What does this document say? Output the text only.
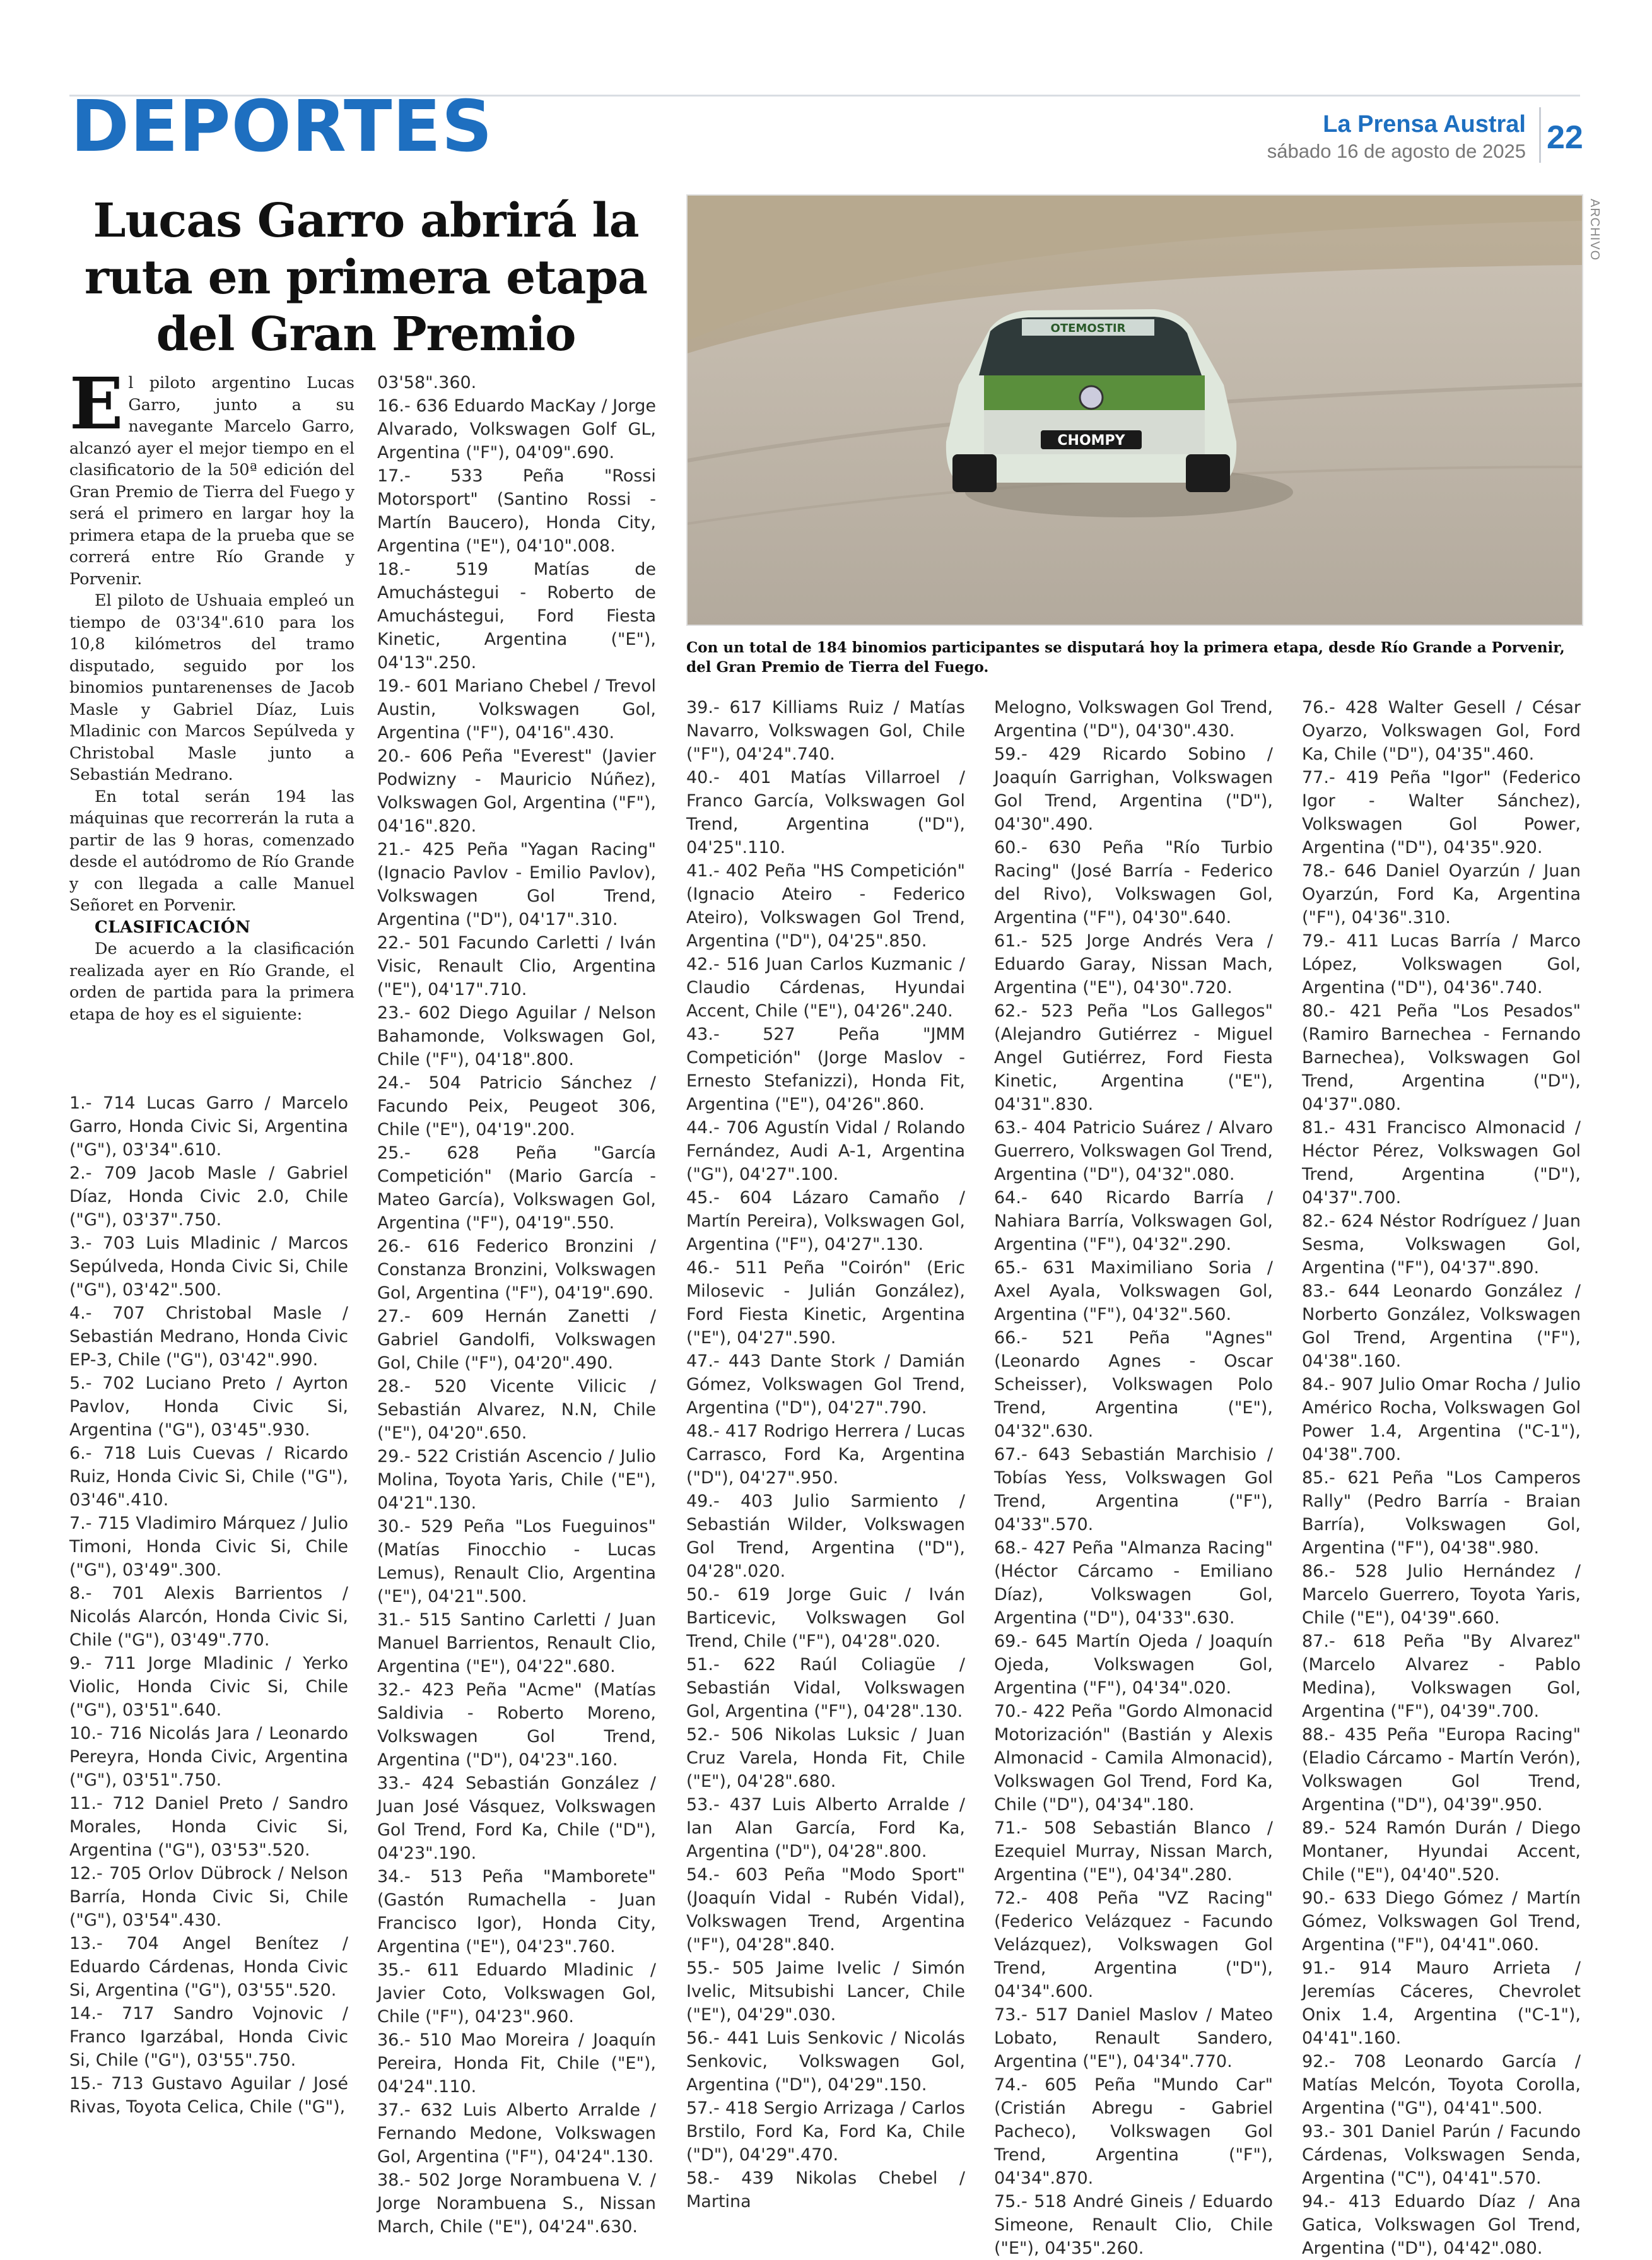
DEPORTES	La Prensa Austral
sábado 16 de agosto de 2025 22
Lucas Garro abrirá la ruta en primera etapa del Gran Premio
CHOMPY
OTEMOSTIR
ARCHIVO
Con un total de 184 binomios participantes se disputará hoy la primera etapa, desde Río Grande a Porvenir, del Gran Premio de Tierra del Fuego.

El piloto argentino Lucas Garro, junto a su navegante Marcelo Garro, alcanzó ayer el mejor tiempo en el clasificatorio de la 50ª edición del Gran Premio de Tierra del Fuego y será el primero en largar hoy la primera etapa de la prueba que se correrá entre Río Grande y Porvenir.

El piloto de Ushuaia empleó un tiempo de 03'34".610 para los 10,8 kilómetros del tramo disputado, seguido por los binomios puntarenenses de Jacob Masle y Gabriel Díaz, Luis Mladinic con Marcos Sepúlveda y Christobal Masle junto a Sebastián Medrano.

En total serán 194 las máquinas que recorrerán la ruta a partir de las 9 horas, comenzado desde el autódromo de Río Grande y con llegada a calle Manuel Señoret en Porvenir.

CLASIFICACIÓN

De acuerdo a la clasificación realizada ayer en Río Grande, el orden de partida para la primera etapa de hoy es el siguiente:

1.- 714 Lucas Garro / Marcelo Garro, Honda Civic Si, Argentina ("G"), 03'34".610.

2.- 709 Jacob Masle / Gabriel Díaz, Honda Civic 2.0, Chile ("G"), 03'37".750.

3.- 703 Luis Mladinic / Marcos Sepúlveda, Honda Civic Si, Chile ("G"), 03'42".500.

4.- 707 Christobal Masle / Sebastián Medrano, Honda Civic EP-3, Chile ("G"), 03'42".990.

5.- 702 Luciano Preto / Ayrton Pavlov, Honda Civic Si, Argentina ("G"), 03'45".930.

6.- 718 Luis Cuevas / Ricardo Ruiz, Honda Civic Si, Chile ("G"), 03'46".410.

7.- 715 Vladimiro Márquez / Julio Timoni, Honda Civic Si, Chile ("G"), 03'49".300.

8.- 701 Alexis Barrientos / Nicolás Alarcón, Honda Civic Si, Chile ("G"), 03'49".770.

9.- 711 Jorge Mladinic / Yerko Violic, Honda Civic Si, Chile ("G"), 03'51".640.

10.- 716 Nicolás Jara / Leonardo Pereyra, Honda Civic, Argentina ("G"), 03'51".750.

11.- 712 Daniel Preto / Sandro Morales, Honda Civic Si, Argentina ("G"), 03'53".520.

12.- 705 Orlov Dübrock / Nelson Barría, Honda Civic Si, Chile ("G"), 03'54".430.

13.- 704 Angel Benítez / Eduardo Cárdenas, Honda Civic Si, Argentina ("G"), 03'55".520.

14.- 717 Sandro Vojnovic / Franco Igarzábal, Honda Civic Si, Chile ("G"), 03'55".750.

15.- 713 Gustavo Aguilar / José Rivas, Toyota Celica, Chile ("G"),

03'58".360.

16.- 636 Eduardo MacKay / Jorge Alvarado, Volkswagen Golf GL, Argentina ("F"), 04'09".690.

17.- 533 Peña "Rossi Motorsport" (Santino Rossi - Martín Baucero), Honda City, Argentina ("E"), 04'10".008.

18.- 519 Matías de Amuchástegui - Roberto de Amuchástegui, Ford Fiesta Kinetic, Argentina ("E"), 04'13".250.

19.- 601 Mariano Chebel / Trevol Austin, Volkswagen Gol, Argentina ("F"), 04'16".430.

20.- 606 Peña "Everest" (Javier Podwizny - Mauricio Núñez), Volkswagen Gol, Argentina ("F"), 04'16".820.

21.- 425 Peña "Yagan Racing" (Ignacio Pavlov - Emilio Pavlov), Volkswagen Gol Trend, Argentina ("D"), 04'17".310.

22.- 501 Facundo Carletti / Iván Visic, Renault Clio, Argentina ("E"), 04'17".710.

23.- 602 Diego Aguilar / Nelson Bahamonde, Volkswagen Gol, Chile ("F"), 04'18".800.

24.- 504 Patricio Sánchez / Facundo Peix, Peugeot 306, Chile ("E"), 04'19".200.

25.- 628 Peña "García Competición" (Mario García - Mateo García), Volkswagen Gol, Argentina ("F"), 04'19".550.

26.- 616 Federico Bronzini / Constanza Bronzini, Volkswagen Gol, Argentina ("F"), 04'19".690.

27.- 609 Hernán Zanetti / Gabriel Gandolfi, Volkswagen Gol, Chile ("F"), 04'20".490.

28.- 520 Vicente Vilicic / Sebastián Alvarez, N.N, Chile ("E"), 04'20".650.

29.- 522 Cristián Ascencio / Julio Molina, Toyota Yaris, Chile ("E"), 04'21".130.

30.- 529 Peña "Los Fueguinos" (Matías Finocchio - Lucas Lemus), Renault Clio, Argentina ("E"), 04'21".500.

31.- 515 Santino Carletti / Juan Manuel Barrientos, Renault Clio, Argentina ("E"), 04'22".680.

32.- 423 Peña "Acme" (Matías Saldivia - Roberto Moreno, Volkswagen Gol Trend, Argentina ("D"), 04'23".160.

33.- 424 Sebastián González / Juan José Vásquez, Volkswagen Gol Trend, Ford Ka, Chile ("D"), 04'23".190.

34.- 513 Peña "Mamborete" (Gastón Rumachella - Juan Francisco Igor), Honda City, Argentina ("E"), 04'23".760.

35.- 611 Eduardo Mladinic / Javier Coto, Volkswagen Gol, Chile ("F"), 04'23".960.

36.- 510 Mao Moreira / Joaquín Pereira, Honda Fit, Chile ("E"), 04'24".110.

37.- 632 Luis Alberto Arralde / Fernando Medone, Volkswagen Gol, Argentina ("F"), 04'24".130.

38.- 502 Jorge Norambuena V. / Jorge Norambuena S., Nissan March, Chile ("E"), 04'24".630.

39.- 617 Killiams Ruiz / Matías Navarro, Volkswagen Gol, Chile ("F"), 04'24".740.

40.- 401 Matías Villarroel / Franco García, Volkswagen Gol Trend, Argentina ("D"), 04'25".110.

41.- 402 Peña "HS Competición" (Ignacio Ateiro - Federico Ateiro), Volkswagen Gol Trend, Argentina ("D"), 04'25".850.

42.- 516 Juan Carlos Kuzmanic / Claudio Cárdenas, Hyundai Accent, Chile ("E"), 04'26".240.

43.- 527 Peña "JMM Competición" (Jorge Maslov - Ernesto Stefanizzi), Honda Fit, Argentina ("E"), 04'26".860.

44.- 706 Agustín Vidal / Rolando Fernández, Audi A-1, Argentina ("G"), 04'27".100.

45.- 604 Lázaro Camaño / Martín Pereira), Volkswagen Gol, Argentina ("F"), 04'27".130.

46.- 511 Peña "Coirón" (Eric Milosevic - Julián González), Ford Fiesta Kinetic, Argentina ("E"), 04'27".590.

47.- 443 Dante Stork / Damián Gómez, Volkswagen Gol Trend, Argentina ("D"), 04'27".790.

48.- 417 Rodrigo Herrera / Lucas Carrasco, Ford Ka, Argentina ("D"), 04'27".950.

49.- 403 Julio Sarmiento / Sebastián Wilder, Volkswagen Gol Trend, Argentina ("D"), 04'28".020.

50.- 619 Jorge Guic / Iván Barticevic, Volkswagen Gol Trend, Chile ("F"), 04'28".020.

51.- 622 Raúl Coliagüe / Sebastián Vidal, Volkswagen Gol, Argentina ("F"), 04'28".130.

52.- 506 Nikolas Luksic / Juan Cruz Varela, Honda Fit, Chile ("E"), 04'28".680.

53.- 437 Luis Alberto Arralde / Ian Alan García, Ford Ka, Argentina ("D"), 04'28".800.

54.- 603 Peña "Modo Sport" (Joaquín Vidal - Rubén Vidal), Volkswagen Trend, Argentina ("F"), 04'28".840.

55.- 505 Jaime Ivelic / Simón Ivelic, Mitsubishi Lancer, Chile ("E"), 04'29".030.

56.- 441 Luis Senkovic / Nicolás Senkovic, Volkswagen Gol, Argentina ("D"), 04'29".150.

57.- 418 Sergio Arrizaga / Carlos Brstilo, Ford Ka, Ford Ka, Chile ("D"), 04'29".470.

58.- 439 Nikolas Chebel / Martina

Melogno, Volkswagen Gol Trend, Argentina ("D"), 04'30".430.

59.- 429 Ricardo Sobino / Joaquín Garrighan, Volkswagen Gol Trend, Argentina ("D"), 04'30".490.

60.- 630 Peña "Río Turbio Racing" (José Barría - Federico del Rivo), Volkswagen Gol, Argentina ("F"), 04'30".640.

61.- 525 Jorge Andrés Vera / Eduardo Garay, Nissan Mach, Argentina ("E"), 04'30".720.

62.- 523 Peña "Los Gallegos" (Alejandro Gutiérrez - Miguel Angel Gutiérrez, Ford Fiesta Kinetic, Argentina ("E"), 04'31".830.

63.- 404 Patricio Suárez / Alvaro Guerrero, Volkswagen Gol Trend, Argentina ("D"), 04'32".080.

64.- 640 Ricardo Barría / Nahiara Barría, Volkswagen Gol, Argentina ("F"), 04'32".290.

65.- 631 Maximiliano Soria / Axel Ayala, Volkswagen Gol, Argentina ("F"), 04'32".560.

66.- 521 Peña "Agnes" (Leonardo Agnes - Oscar Scheisser), Volkswagen Polo Trend, Argentina ("E"), 04'32".630.

67.- 643 Sebastián Marchisio / Tobías Yess, Volkswagen Gol Trend, Argentina ("F"), 04'33".570.

68.- 427 Peña "Almanza Racing" (Héctor Cárcamo - Emiliano Díaz), Volkswagen Gol, Argentina ("D"), 04'33".630.

69.- 645 Martín Ojeda / Joaquín Ojeda, Volkswagen Gol, Argentina ("F"), 04'34".020.

70.- 422 Peña "Gordo Almonacid Motorización" (Bastián y Alexis Almonacid - Camila Almonacid), Volkswagen Gol Trend, Ford Ka, Chile ("D"), 04'34".180.

71.- 508 Sebastián Blanco / Ezequiel Murray, Nissan March, Argentina ("E"), 04'34".280.

72.- 408 Peña "VZ Racing" (Federico Velázquez - Facundo Velázquez), Volkswagen Gol Trend, Argentina ("D"), 04'34".600.

73.- 517 Daniel Maslov / Mateo Lobato, Renault Sandero, Argentina ("E"), 04'34".770.

74.- 605 Peña "Mundo Car" (Cristián Abregu - Gabriel Pacheco), Volkswagen Gol Trend, Argentina ("F"), 04'34".870.

75.- 518 André Gineis / Eduardo Simeone, Renault Clio, Chile ("E"), 04'35".260.

76.- 428 Walter Gesell / César Oyarzo, Volkswagen Gol, Ford Ka, Chile ("D"), 04'35".460.

77.- 419 Peña "Igor" (Federico Igor - Walter Sánchez), Volkswagen Gol Power, Argentina ("D"), 04'35".920.

78.- 646 Daniel Oyarzún / Juan Oyarzún, Ford Ka, Argentina ("F"), 04'36".310.

79.- 411 Lucas Barría / Marco López, Volkswagen Gol, Argentina ("D"), 04'36".740.

80.- 421 Peña "Los Pesados" (Ramiro Barnechea - Fernando Barnechea), Volkswagen Gol Trend, Argentina ("D"), 04'37".080.

81.- 431 Francisco Almonacid / Héctor Pérez, Volkswagen Gol Trend, Argentina ("D"), 04'37".700.

82.- 624 Néstor Rodríguez / Juan Sesma, Volkswagen Gol, Argentina ("F"), 04'37".890.

83.- 644 Leonardo González / Norberto González, Volkswagen Gol Trend, Argentina ("F"), 04'38".160.

84.- 907 Julio Omar Rocha / Julio Américo Rocha, Volkswagen Gol Power 1.4, Argentina ("C-1"), 04'38".700.

85.- 621 Peña "Los Camperos Rally" (Pedro Barría - Braian Barría), Volkswagen Gol, Argentina ("F"), 04'38".980.

86.- 528 Julio Hernández / Marcelo Guerrero, Toyota Yaris, Chile ("E"), 04'39".660.

87.- 618 Peña "By Alvarez" (Marcelo Alvarez - Pablo Medina), Volkswagen Gol, Argentina ("F"), 04'39".700.

88.- 435 Peña "Europa Racing" (Eladio Cárcamo - Martín Verón), Volkswagen Gol Trend, Argentina ("D"), 04'39".950.

89.- 524 Ramón Durán / Diego Montaner, Hyundai Accent, Chile ("E"), 04'40".520.

90.- 633 Diego Gómez / Martín Gómez, Volkswagen Gol Trend, Argentina ("F"), 04'41".060.

91.- 914 Mauro Arrieta / Jeremías Cáceres, Chevrolet Onix 1.4, Argentina ("C-1"), 04'41".160.

92.- 708 Leonardo García / Matías Melcón, Toyota Corolla, Argentina ("G"), 04'41".500.

93.- 301 Daniel Parún / Facundo Cárdenas, Volkswagen Senda, Argentina ("C"), 04'41".570.

94.- 413 Eduardo Díaz / Ana Gatica, Volkswagen Gol Trend, Argentina ("D"), 04'42".080.
